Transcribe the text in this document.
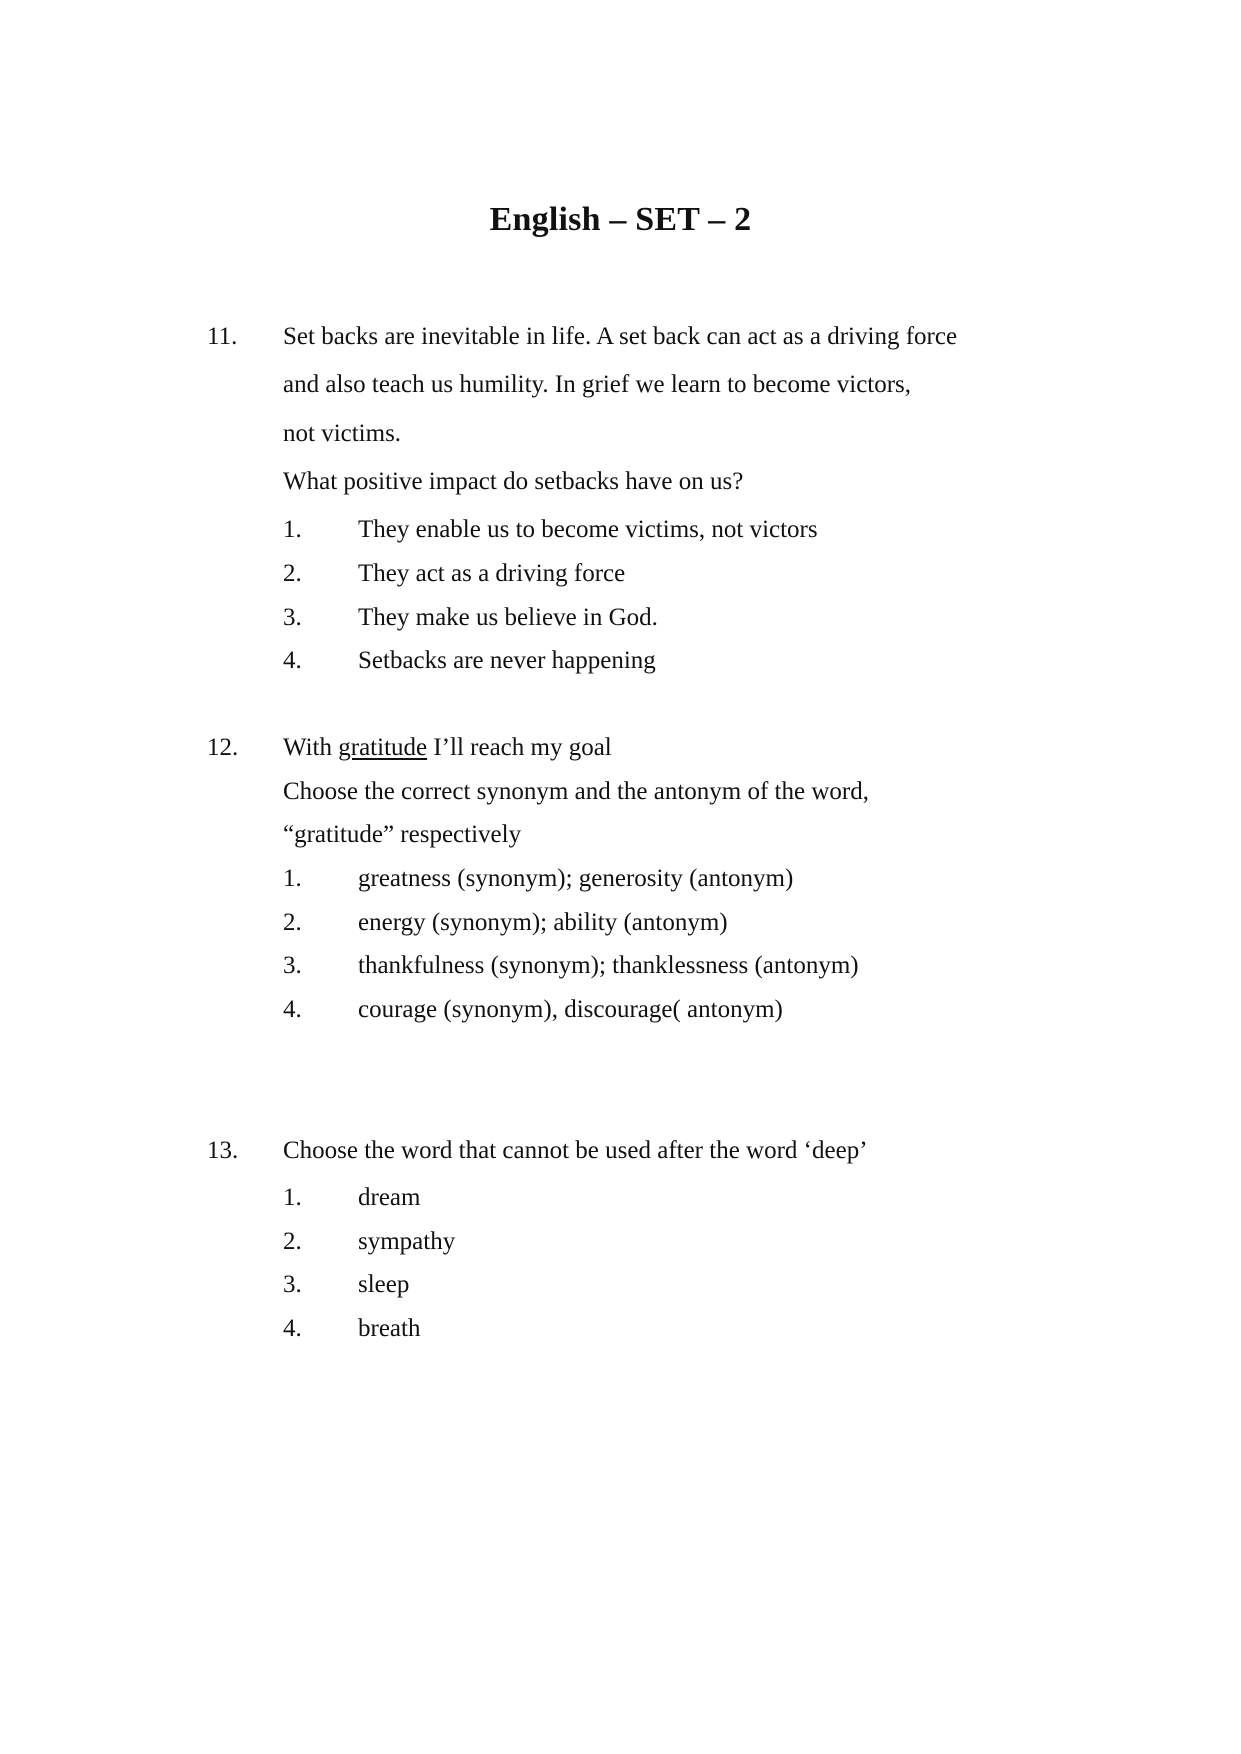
English – SET – 2
11. Set backs are inevitable in life. A set back can act as a driving force
and also teach us humility. In grief we learn to become victors,
not victims.
What positive impact do setbacks have on us?
1. They enable us to become victims, not victors
2. They act as a driving force
3. They make us believe in God.
4. Setbacks are never happening
12. With gratitude I’ll reach my goal
Choose the correct synonym and the antonym of the word,
“gratitude” respectively
1. greatness (synonym); generosity (antonym)
2. energy (synonym); ability (antonym)
3. thankfulness (synonym); thanklessness (antonym)
4. courage (synonym), discourage( antonym)
13. Choose the word that cannot be used after the word ‘deep’
1. dream
2. sympathy
3. sleep
4. breath
